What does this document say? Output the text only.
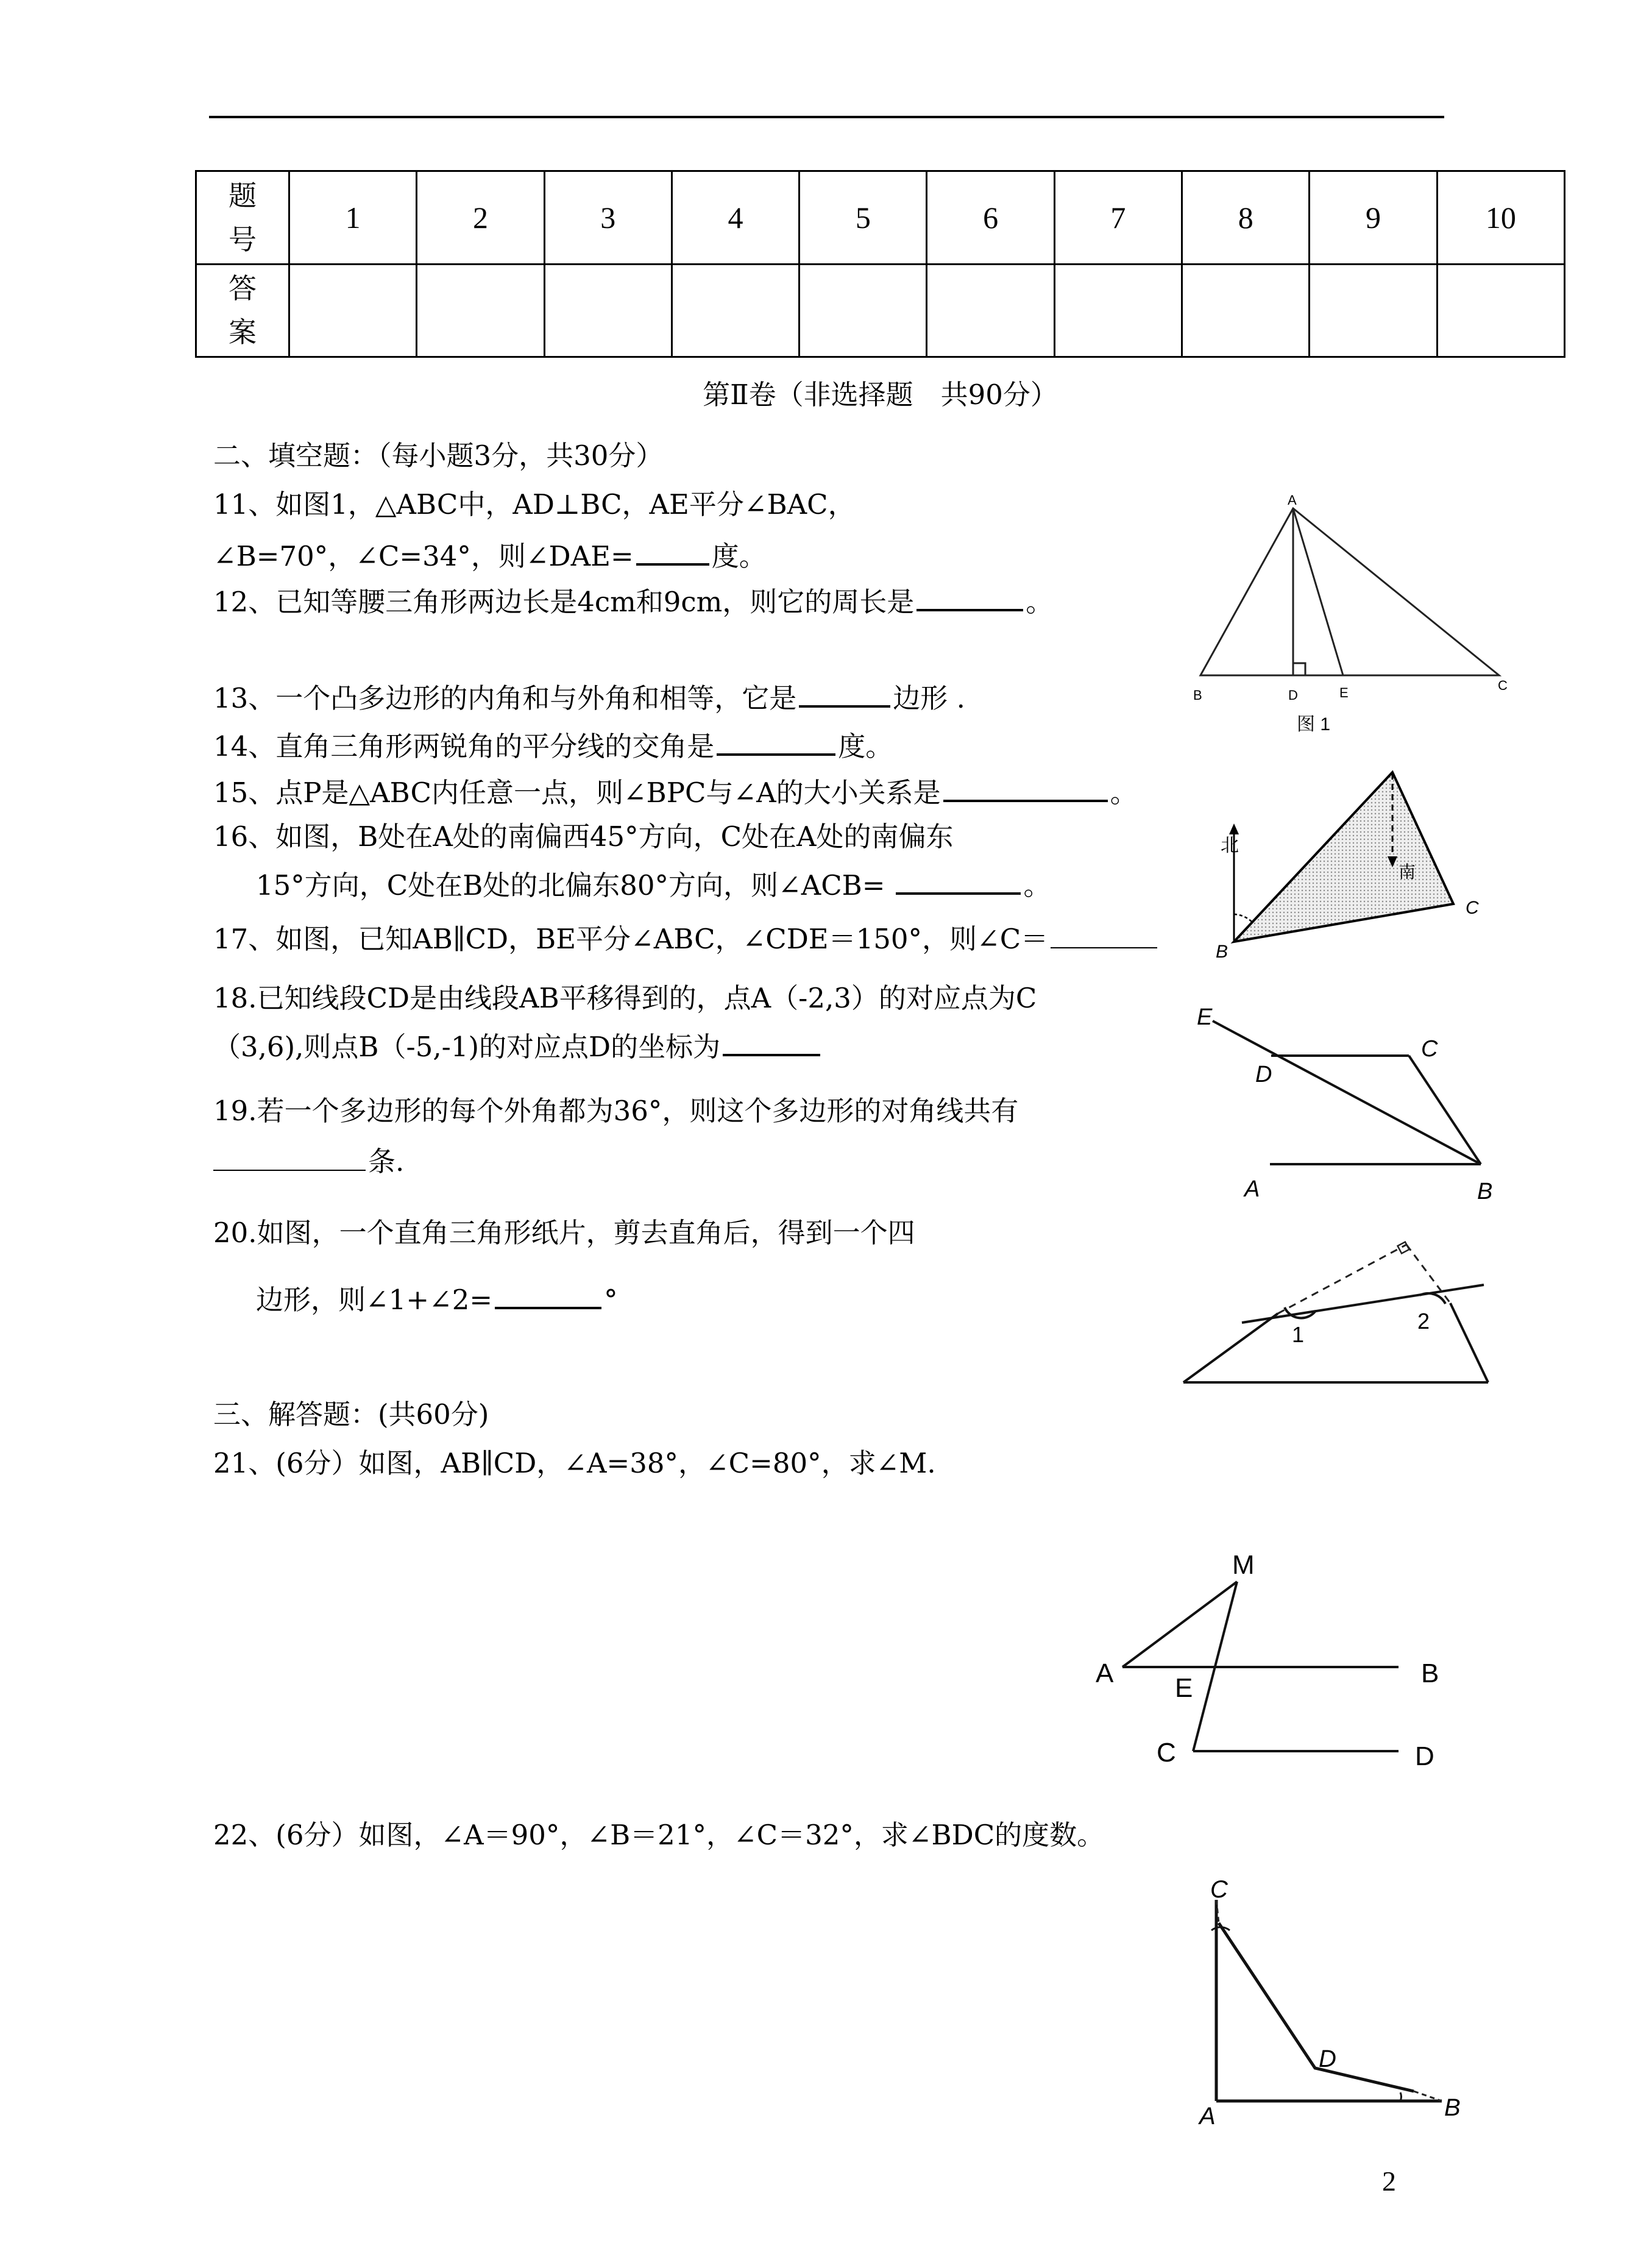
题
号	1	2	3	4	5	6	7	8	9	10

答
案										

第Ⅱ卷（非选择题　共90分）
二、填空题：（每小题3分，共30分）
11、如图1，△ABC中，AD⊥BC，AE平分∠BAC，
∠B=70°，∠C=34°，则∠DAE=	度。
12、已知等腰三角形两边长是4cm和9cm，则它的周长是	。
13、一个凸多边形的内角和与外角和相等，它是	边形 .
14、直角三角形两锐角的平分线的交角是	度。
15、点P是△ABC内任意一点，则∠BPC与∠A的大小关系是	。
16、如图，B处在A处的南偏西45°方向，C处在A处的南偏东
15°方向，C处在B处的北偏东80°方向，则∠ACB=	。
17、如图，已知AB∥CD，BE平分∠ABC，∠CDE＝150°，则∠C＝
18.已知线段CD是由线段AB平移得到的，点A（-2,3）的对应点为C
（3,6),则点B（-5,-1)的对应点D的坐标为
19.若一个多边形的每个外角都为36°，则这个多边形的对角线共有
条.
20.如图，一个直角三角形纸片，剪去直角后，得到一个四
边形，则∠1+∠2=	°
三、解答题：(共60分)
21、(6分）如图，AB∥CD，∠A=38°，∠C=80°，求∠M.
22、(6分）如图，∠A＝90°，∠B＝21°，∠C＝32°，求∠BDC的度数。
A
B	D	E	C
图 1
北
南
B
C
E
D
C
A	B
1
2
M
A E	B
C	D
C
D
A	B
2
